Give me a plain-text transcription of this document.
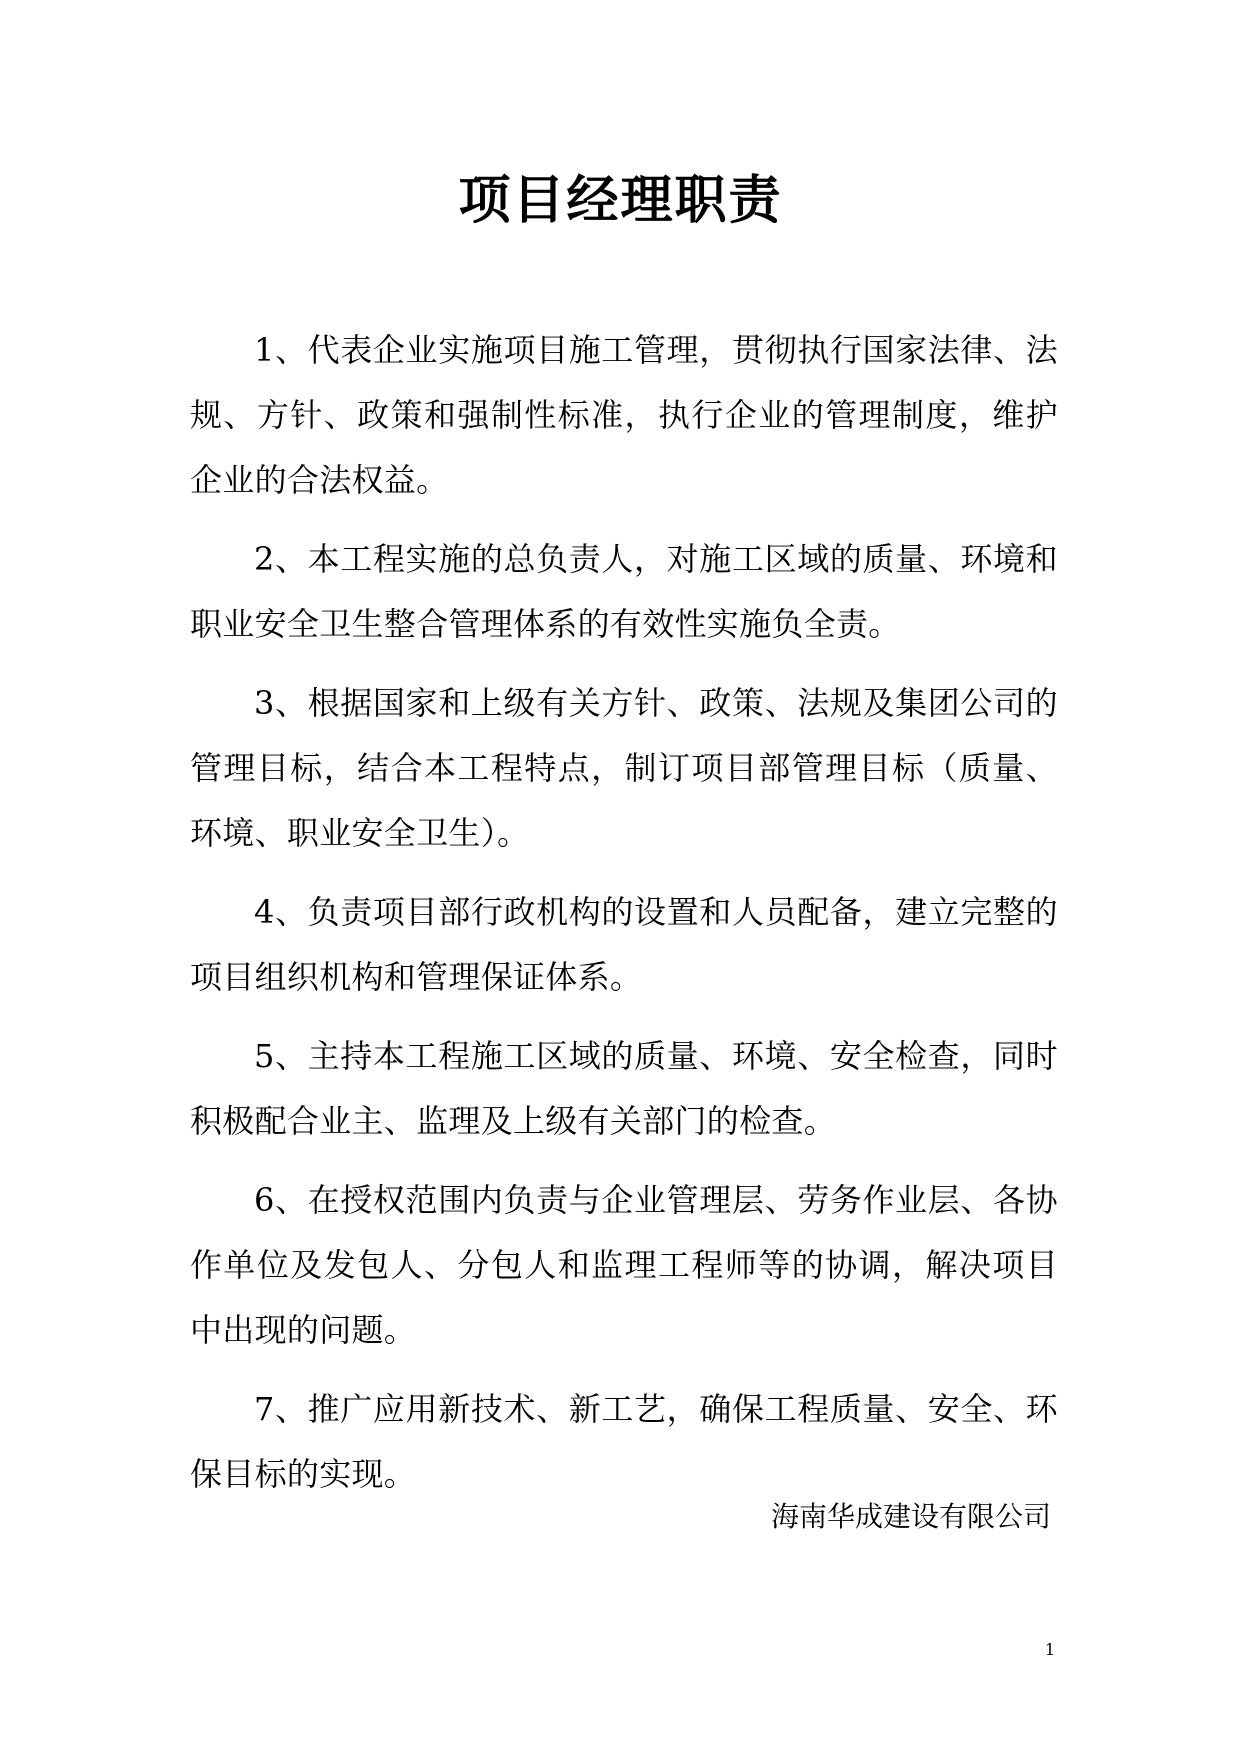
项目经理职责

1、代表企业实施项目施工管理，贯彻执行国家法律、法规、方针、政策和强制性标准，执行企业的管理制度，维护企业的合法权益。

2、本工程实施的总负责人，对施工区域的质量、环境和职业安全卫生整合管理体系的有效性实施负全责。

3、根据国家和上级有关方针、政策、法规及集团公司的管理目标，结合本工程特点，制订项目部管理目标（质量、环境、职业安全卫生）。

4、负责项目部行政机构的设置和人员配备，建立完整的项目组织机构和管理保证体系。

5、主持本工程施工区域的质量、环境、安全检查，同时积极配合业主、监理及上级有关部门的检查。

6、在授权范围内负责与企业管理层、劳务作业层、各协作单位及发包人、分包人和监理工程师等的协调，解决项目中出现的问题。

7、推广应用新技术、新工艺，确保工程质量、安全、环保目标的实现。

海南华成建设有限公司

1
